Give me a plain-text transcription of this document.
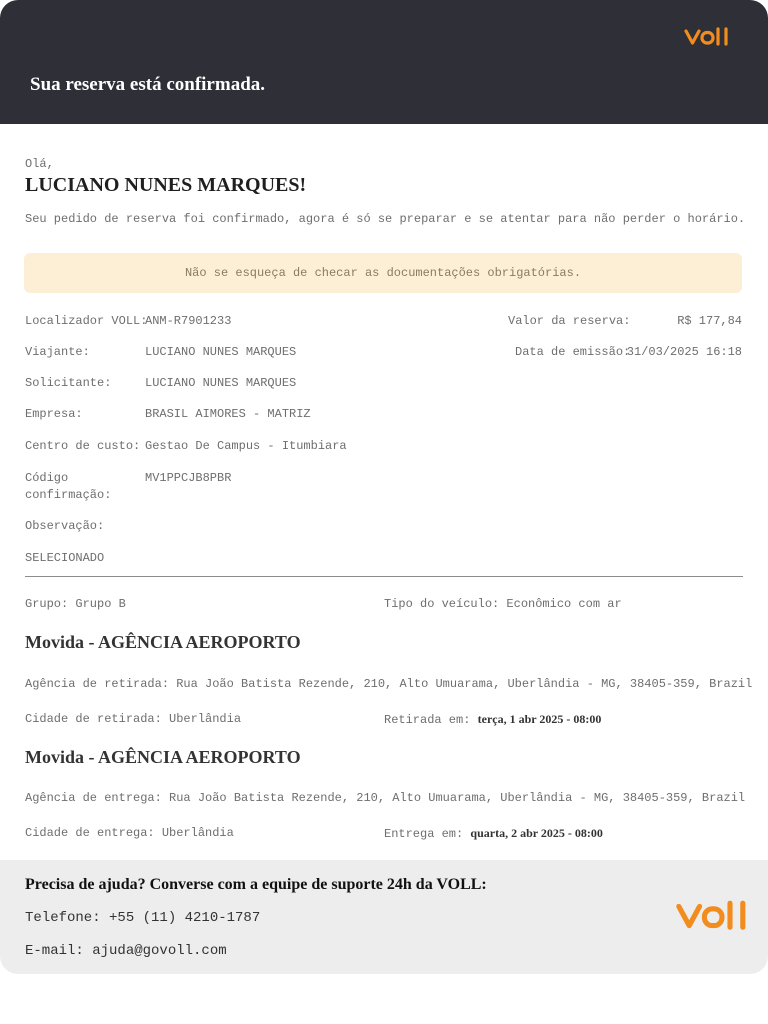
Sua reserva está confirmada.
Olá,
LUCIANO NUNES MARQUES!
Seu pedido de reserva foi confirmado, agora é só se preparar e se atentar para não perder o horário.
Não se esqueça de checar as documentações obrigatórias.
Localizador VOLL:
ANM-R7901233	Valor da reserva:	R$ 177,84
Viajante:	LUCIANO NUNES MARQUES	Data de emissão:
31/03/2025 16:18
Solicitante:	LUCIANO NUNES MARQUES
Empresa:	BRASIL AIMORES - MATRIZ
Centro de custo: Gestao De Campus - Itumbiara
Código
confirmação:
MV1PPCJB8PBR
Observação:
SELECIONADO
Grupo: Grupo B	Tipo do veículo: Econômico com ar
Movida - AGÊNCIA AEROPORTO
Agência de retirada: Rua João Batista Rezende, 210, Alto Umuarama, Uberlândia - MG, 38405-359, Brazil
Cidade de retirada: Uberlândia	Retirada em: terça, 1 abr 2025 - 08:00
Movida - AGÊNCIA AEROPORTO
Agência de entrega: Rua João Batista Rezende, 210, Alto Umuarama, Uberlândia - MG, 38405-359, Brazil
Cidade de entrega: Uberlândia	Entrega em: quarta, 2 abr 2025 - 08:00
Precisa de ajuda? Converse com a equipe de suporte 24h da VOLL:
Telefone: +55 (11) 4210-1787
E-mail: ajuda@govoll.com
